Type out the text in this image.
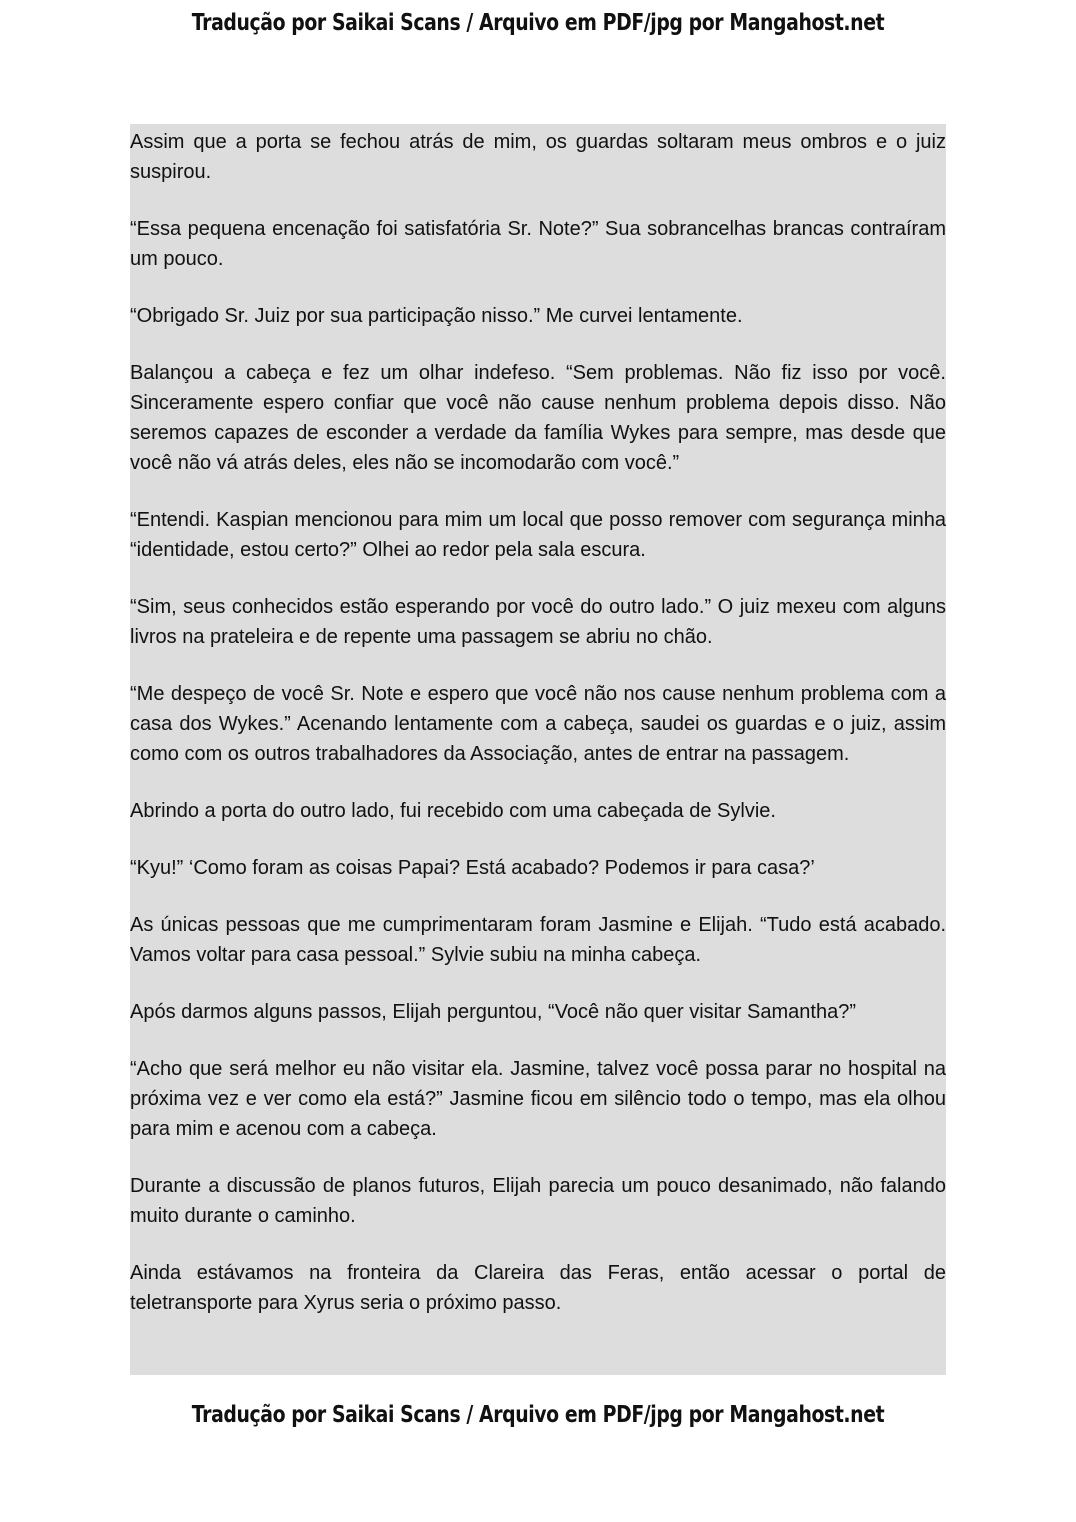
Tradução por Saikai Scans / Arquivo em PDF/jpg por Mangahost.net

Assim que a porta se fechou atrás de mim, os guardas soltaram meus ombros e o juiz suspirou.

“Essa pequena encenação foi satisfatória Sr. Note?” Sua sobrancelhas brancas contraíram um pouco.

“Obrigado Sr. Juiz por sua participação nisso.” Me curvei lentamente.

Balançou a cabeça e fez um olhar indefeso. “Sem problemas. Não fiz isso por você. Sinceramente espero confiar que você não cause nenhum problema depois disso. Não seremos capazes de esconder a verdade da família Wykes para sempre, mas desde que você não vá atrás deles, eles não se incomodarão com você.”

“Entendi. Kaspian mencionou para mim um local que posso remover com segurança minha “identidade, estou certo?” Olhei ao redor pela sala escura.

“Sim, seus conhecidos estão esperando por você do outro lado.” O juiz mexeu com alguns livros na prateleira e de repente uma passagem se abriu no chão.

“Me despeço de você Sr. Note e espero que você não nos cause nenhum problema com a casa dos Wykes.” Acenando lentamente com a cabeça, saudei os guardas e o juiz, assim como com os outros trabalhadores da Associação, antes de entrar na passagem.

Abrindo a porta do outro lado, fui recebido com uma cabeçada de Sylvie.

“Kyu!” ‘Como foram as coisas Papai? Está acabado? Podemos ir para casa?’

As únicas pessoas que me cumprimentaram foram Jasmine e Elijah. “Tudo está acabado. Vamos voltar para casa pessoal.” Sylvie subiu na minha cabeça.

Após darmos alguns passos, Elijah perguntou, “Você não quer visitar Samantha?”

“Acho que será melhor eu não visitar ela. Jasmine, talvez você possa parar no hospital na próxima vez e ver como ela está?” Jasmine ficou em silêncio todo o tempo, mas ela olhou para mim e acenou com a cabeça.

Durante a discussão de planos futuros, Elijah parecia um pouco desanimado, não falando muito durante o caminho.

Ainda estávamos na fronteira da Clareira das Feras, então acessar o portal de teletransporte para Xyrus seria o próximo passo.

Tradução por Saikai Scans / Arquivo em PDF/jpg por Mangahost.net
